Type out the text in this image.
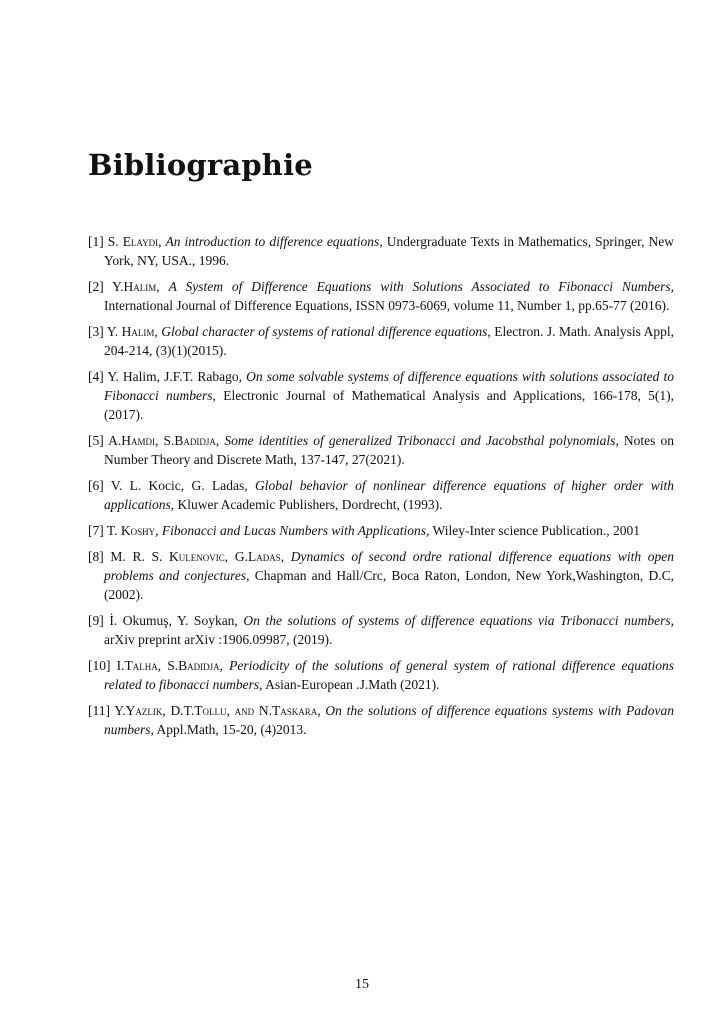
Bibliographie
[1] S. Elaydi, An introduction to difference equations, Undergraduate Texts in Mathematics, Springer, New York, NY, USA., 1996.
[2] Y.Halim, A System of Difference Equations with Solutions Associated to Fibonacci Numbers, International Journal of Difference Equations, ISSN 0973-6069, volume 11, Number 1, pp.65-77 (2016).
[3] Y. Halim, Global character of systems of rational difference equations, Electron. J. Math. Analysis Appl, 204-214, (3)(1)(2015).
[4] Y. Halim, J.F.T. Rabago, On some solvable systems of difference equations with solutions associated to Fibonacci numbers, Electronic Journal of Mathematical Analysis and Applications, 166-178, 5(1), (2017).
[5] A.Hamdi, S.Badidja, Some identities of generalized Tribonacci and Jacobsthal polynomials, Notes on Number Theory and Discrete Math, 137-147, 27(2021).
[6] V. L. Kocic, G. Ladas, Global behavior of nonlinear difference equations of higher order with applications, Kluwer Academic Publishers, Dordrecht, (1993).
[7] T. Koshy, Fibonacci and Lucas Numbers with Applications, Wiley-Inter science Publication., 2001
[8] M. R. S. Kulenovic, G.Ladas, Dynamics of second ordre rational difference equations with open problems and conjectures, Chapman and Hall/Crc, Boca Raton, London, New York,Washington, D.C, (2002).
[9] İ. Okumuş, Y. Soykan, On the solutions of systems of difference equations via Tribonacci numbers, arXiv preprint arXiv :1906.09987, (2019).
[10] I.Talha, S.Badidja, Periodicity of the solutions of general system of rational difference equations related to fibonacci numbers, Asian-European .J.Math (2021).
[11] Y.Yazlik, D.T.Tollu, and N.Taskara, On the solutions of difference equations systems with Padovan numbers, Appl.Math, 15-20, (4)2013.
15
